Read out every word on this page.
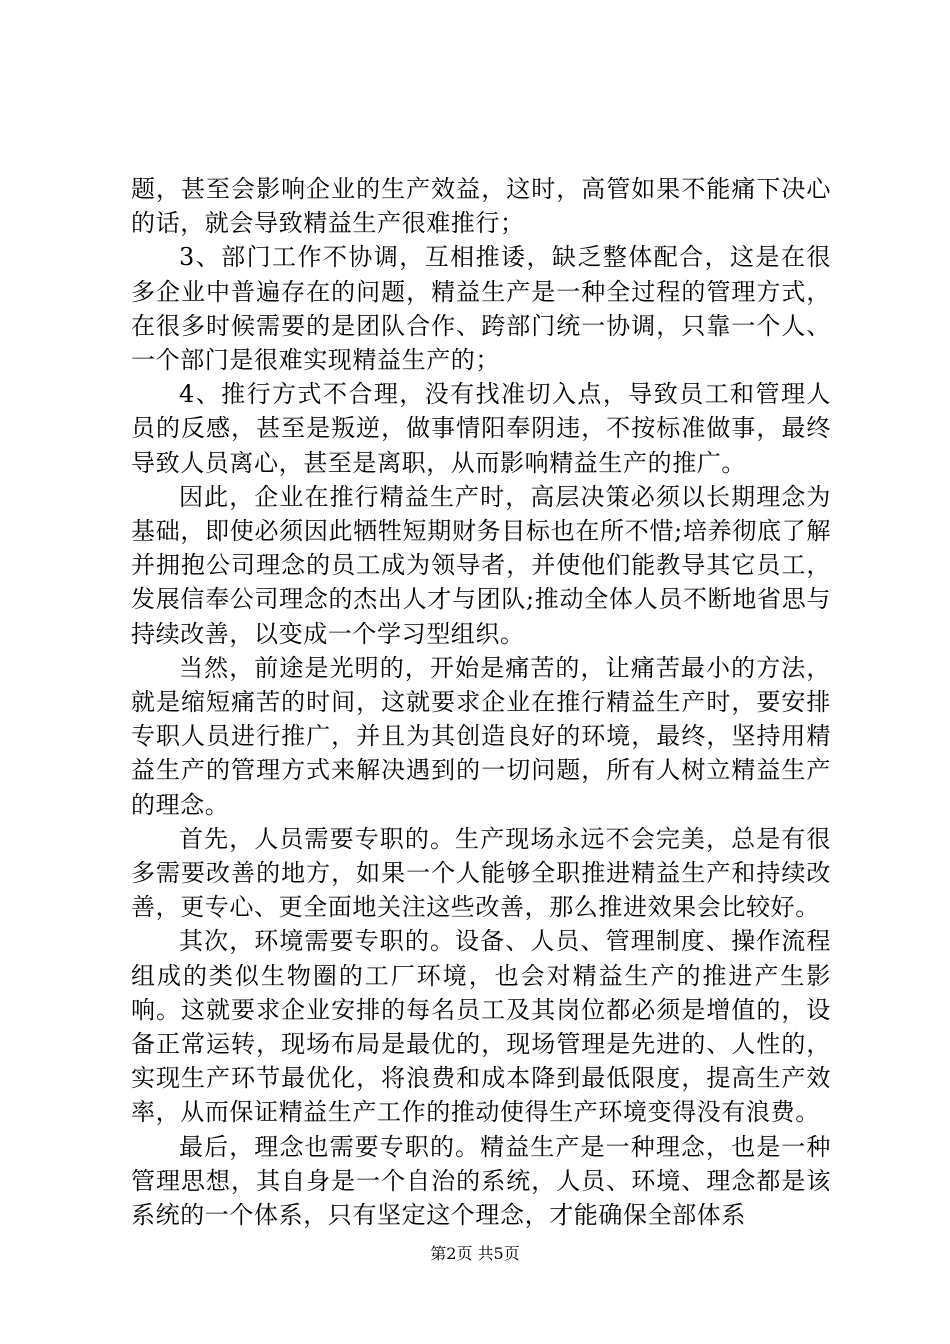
题，甚至会影响企业的生产效益，这时，高管如果不能痛下决心的话，就会导致精益生产很难推行；

3、部门工作不协调，互相推诿，缺乏整体配合，这是在很多企业中普遍存在的问题，精益生产是一种全过程的管理方式，在很多时候需要的是团队合作、跨部门统一协调，只靠一个人、一个部门是很难实现精益生产的；

4、推行方式不合理，没有找准切入点，导致员工和管理人员的反感，甚至是叛逆，做事情阳奉阴违，不按标准做事，最终导致人员离心，甚至是离职，从而影响精益生产的推广。

因此，企业在推行精益生产时，高层决策必须以长期理念为基础，即使必须因此牺牲短期财务目标也在所不惜;培养彻底了解并拥抱公司理念的员工成为领导者，并使他们能教导其它员工，发展信奉公司理念的杰出人才与团队;推动全体人员不断地省思与持续改善，以变成一个学习型组织。

当然，前途是光明的，开始是痛苦的，让痛苦最小的方法，就是缩短痛苦的时间，这就要求企业在推行精益生产时，要安排专职人员进行推广，并且为其创造良好的环境，最终，坚持用精益生产的管理方式来解决遇到的一切问题，所有人树立精益生产的理念。

首先，人员需要专职的。生产现场永远不会完美，总是有很多需要改善的地方，如果一个人能够全职推进精益生产和持续改善，更专心、更全面地关注这些改善，那么推进效果会比较好。

其次，环境需要专职的。设备、人员、管理制度、操作流程组成的类似生物圈的工厂环境，也会对精益生产的推进产生影响。这就要求企业安排的每名员工及其岗位都必须是增值的，设备正常运转，现场布局是最优的，现场管理是先进的、人性的，实现生产环节最优化，将浪费和成本降到最低限度，提高生产效率，从而保证精益生产工作的推动使得生产环境变得没有浪费。

最后，理念也需要专职的。精益生产是一种理念，也是一种管理思想，其自身是一个自治的系统，人员、环境、理念都是该系统的一个体系，只有坚定这个理念，才能确保全部体系

第2页 共5页
